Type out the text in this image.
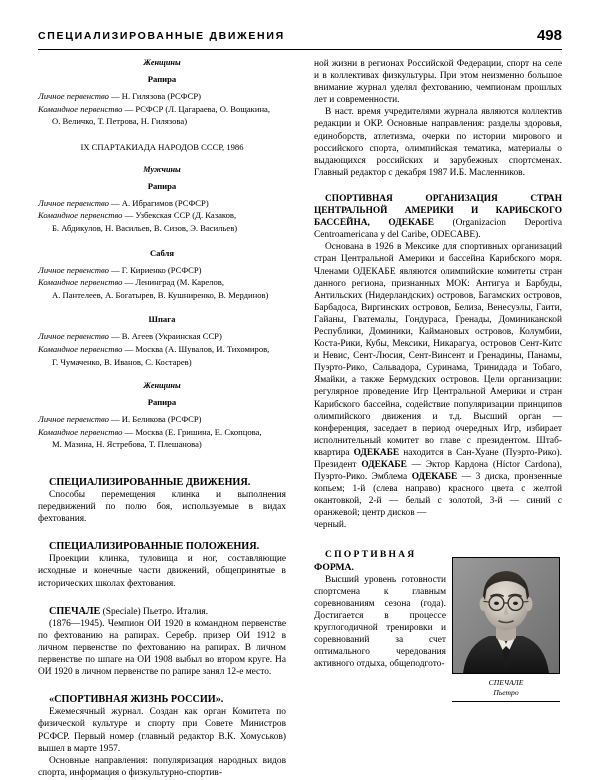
СПЕЦИАЛИЗИРОВАННЫЕ ДВИЖЕНИЯ	498
Женщины
Рапира
Личное первенство — Н. Гилязова (РСФСР)
Командное первенство — РСФСР (Л. Цагараева, О. Вощакина,
О. Величко, Т. Петрова, Н. Гилязова)
IX СПАРТАКИАДА НАРОДОВ СССР, 1986
Мужчины
Рапира
Личное первенство — А. Ибрагимов (РСФСР)
Командное первенство — Узбекская ССР (Д. Казаков,
Б. Абдикулов, Н. Васильев, В. Сизов, Э. Васильев)
Сабля
Личное первенство — Г. Кириенко (РСФСР)
Командное первенство — Ленинград (М. Карелов,
А. Пантелеев, А. Богатырев, В. Кушниренко, В. Мердинов)
Шпага
Личное первенство — В. Агеев (Украинская ССР)
Командное первенство — Москва (А. Шувалов, И. Тихомиров,
Г. Чумаченко, В. Иванов, С. Костарев)
Женщины
Рапира
Личное первенство — И. Беликова (РСФСР)
Командное первенство — Москва (Е. Гришина, Е. Скопцова,
М. Мазина, Н. Ястребова, Т. Плешанова)

СПЕЦИАЛИЗИРОВАННЫЕ ДВИЖЕНИЯ.

Способы перемещения клинка и выполнения передвижений по полю боя, используемые в видах фехтования.

СПЕЦИАЛИЗИРОВАННЫЕ ПОЛОЖЕНИЯ.

Проекции клинка, туловища и ног, составляющие исходные и конечные части движений, общепринятые в исторических школах фехтования.

СПЕЧАЛЕ (Speciale) Пьетро. Италия.

(1876—1945). Чемпион ОИ 1920 в командном первенстве по фехтованию на рапирах. Серебр. призер ОИ 1912 в личном первенстве по фехтованию на рапирах. В личном первенстве по шпаге на ОИ 1908 выбыл во втором круге. На ОИ 1920 в личном первенстве по рапире занял 12-е место.

«СПОРТИВНАЯ ЖИЗНЬ РОССИИ».

Ежемесячный журнал. Создан как орган Комитета по физической культуре и спорту при Совете Министров РСФСР. Первый номер (главный редактор В.К. Хомуськов) вышел в марте 1957.

Основные направления: популяризация народных видов спорта, информация о физкультурно-спортив-

ной жизни в регионах Российской Федерации, спорт на селе и в коллективах физкультуры. При этом неизменно большое внимание журнал уделял фехтованию, чемпионам прошлых лет и современности.

В наст. время учредителями журнала являются коллектив редакции и ОКР. Основные направления: разделы здоровья, единоборств, атлетизма, очерки по истории мирового и российского спорта, олимпийская тематика, материалы о выдающихся российских и зарубежных спортсменах. Главный редактор с декабря 1987 И.Б. Масленников.

СПОРТИВНАЯ ОРГАНИЗАЦИЯ СТРАН ЦЕНТРАЛЬНОЙ АМЕРИКИ И КАРИБСКОГО БАССЕЙНА, ОДЕКАБЕ (Organizacion Deportiva Centroamericana y del Caribe, ODECABE).

Основана в 1926 в Мексике для спортивных организаций стран Центральной Америки и бассейна Карибского моря. Членами ОДЕКАБЕ являются олимпийские комитеты стран данного региона, признанных МОК: Антигуа и Барбуды, Антильских (Нидерландских) островов, Багамских островов, Барбадоса, Виргинских островов, Белиза, Венесуэлы, Гаити, Гайаны, Гватемалы, Гондураса, Гренады, Доминиканской Республики, Доминики, Каймановых островов, Колумбии, Коста-Рики, Кубы, Мексики, Никарагуа, островов Сент-Китс и Невис, Сент-Люсия, Сент-Винсент и Гренадины, Панамы, Пуэрто-Рико, Сальвадора, Суринама, Тринидада и Тобаго, Ямайки, а также Бермудских островов. Цели организации: регулярное проведение Игр Центральной Америки и стран Карибского бассейна, содействие популяризации принципов олимпийского движения и т.д. Высший орган — конференция, заседает в период очередных Игр, избирает исполнительный комитет во главе с президентом. Штаб-квартира ОДЕКАБЕ находится в Сан-Хуане (Пуэрто-Рико). Президент ОДЕКАБЕ — Эктор Кардона (Híctor Cardona), Пуэрто-Рико. Эмблема ОДЕКАБЕ — 3 диска, пронзенные копьем; 1-й (слева направо) красного цвета с желтой окантовкой, 2-й — белый с золотой, 3-й — синий с оранжевой; центр дисков —

черный.

СПОРТИВНАЯ

ФОРМА.

Высший уровень готовности спортсмена к главным соревнованиям сезона (года). Достигается в процессе круглогодичной тренировки и соревнований за счет оптимального чередования активного отдыха, общеподгото-

СПЕЧАЛЕ
Пьетро
